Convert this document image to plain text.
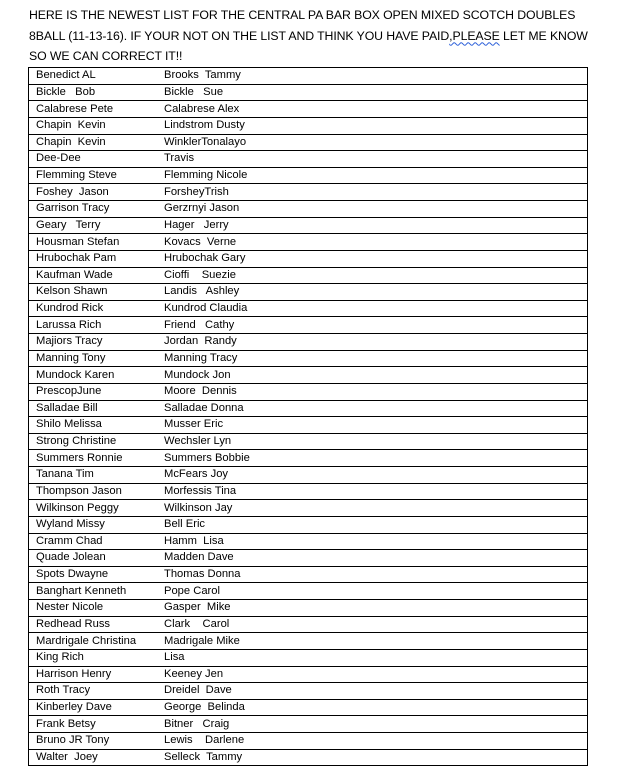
HERE IS THE NEWEST LIST FOR THE CENTRAL PA BAR BOX OPEN MIXED SCOTCH DOUBLES 8BALL (11-13-16). IF YOUR NOT ON THE LIST AND THINK YOU HAVE PAID,PLEASE LET ME KNOW SO WE CAN CORRECT IT!!
Benedict AL	Brooks  Tammy
Bickle   Bob	Bickle   Sue
Calabrese Pete	Calabrese Alex
Chapin  Kevin	Lindstrom Dusty
Chapin  Kevin	WinklerTonalayo
Dee-Dee	Travis
Flemming Steve	Flemming Nicole
Foshey  Jason	ForsheyTrish
Garrison Tracy	Gerzrnyi Jason
Geary   Terry	Hager   Jerry
Housman Stefan	Kovacs  Verne
Hrubochak Pam	Hrubochak Gary
Kaufman Wade	Cioffi    Suezie
Kelson Shawn	Landis   Ashley
Kundrod Rick	Kundrod Claudia
Larussa Rich	Friend   Cathy
Majiors Tracy	Jordan  Randy
Manning Tony	Manning Tracy
Mundock Karen	Mundock Jon
PrescopJune	Moore  Dennis
Salladae Bill	Salladae Donna
Shilo Melissa	Musser Eric
Strong Christine	Wechsler Lyn
Summers Ronnie	Summers Bobbie
Tanana Tim	McFears Joy
Thompson Jason	Morfessis Tina
Wilkinson Peggy	Wilkinson Jay
Wyland Missy	Bell Eric
Cramm Chad	Hamm  Lisa
Quade Jolean	Madden Dave
Spots Dwayne	Thomas Donna
Banghart Kenneth	Pope Carol
Nester Nicole	Gasper  Mike
Redhead Russ	Clark    Carol
Mardrigale Christina	Madrigale Mike
King Rich	Lisa
Harrison Henry	Keeney Jen
Roth Tracy	Dreidel  Dave
Kinberley Dave	George  Belinda
Frank Betsy	Bitner   Craig
Bruno JR Tony	Lewis    Darlene
Walter  Joey	Selleck  Tammy
